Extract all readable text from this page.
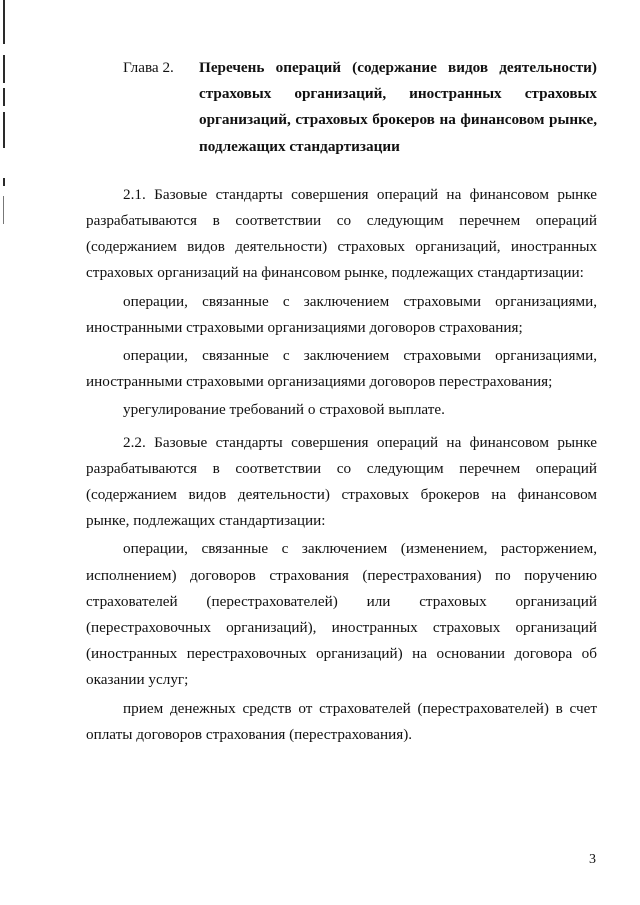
Глава 2. Перечень операций (содержание видов деятельности) страховых организаций, иностранных страховых организаций, страховых брокеров на финансовом рынке, подлежащих стандартизации

2.1. Базовые стандарты совершения операций на финансовом рынке разрабатываются в соответствии со следующим перечнем операций (содержанием видов деятельности) страховых организаций, иностранных страховых организаций на финансовом рынке, подлежащих стандартизации:

операции, связанные с заключением страховыми организациями, иностранными страховыми организациями договоров страхования;

операции, связанные с заключением страховыми организациями, иностранными страховыми организациями договоров перестрахования;

урегулирование требований о страховой выплате.

2.2. Базовые стандарты совершения операций на финансовом рынке разрабатываются в соответствии со следующим перечнем операций (содержанием видов деятельности) страховых брокеров на финансовом рынке, подлежащих стандартизации:

операции, связанные с заключением (изменением, расторжением, исполнением) договоров страхования (перестрахования) по поручению страхователей (перестрахователей) или страховых организаций (перестраховочных организаций), иностранных страховых организаций (иностранных перестраховочных организаций) на основании договора об оказании услуг;

прием денежных средств от страхователей (перестрахователей) в счет оплаты договоров страхования (перестрахования).

3
